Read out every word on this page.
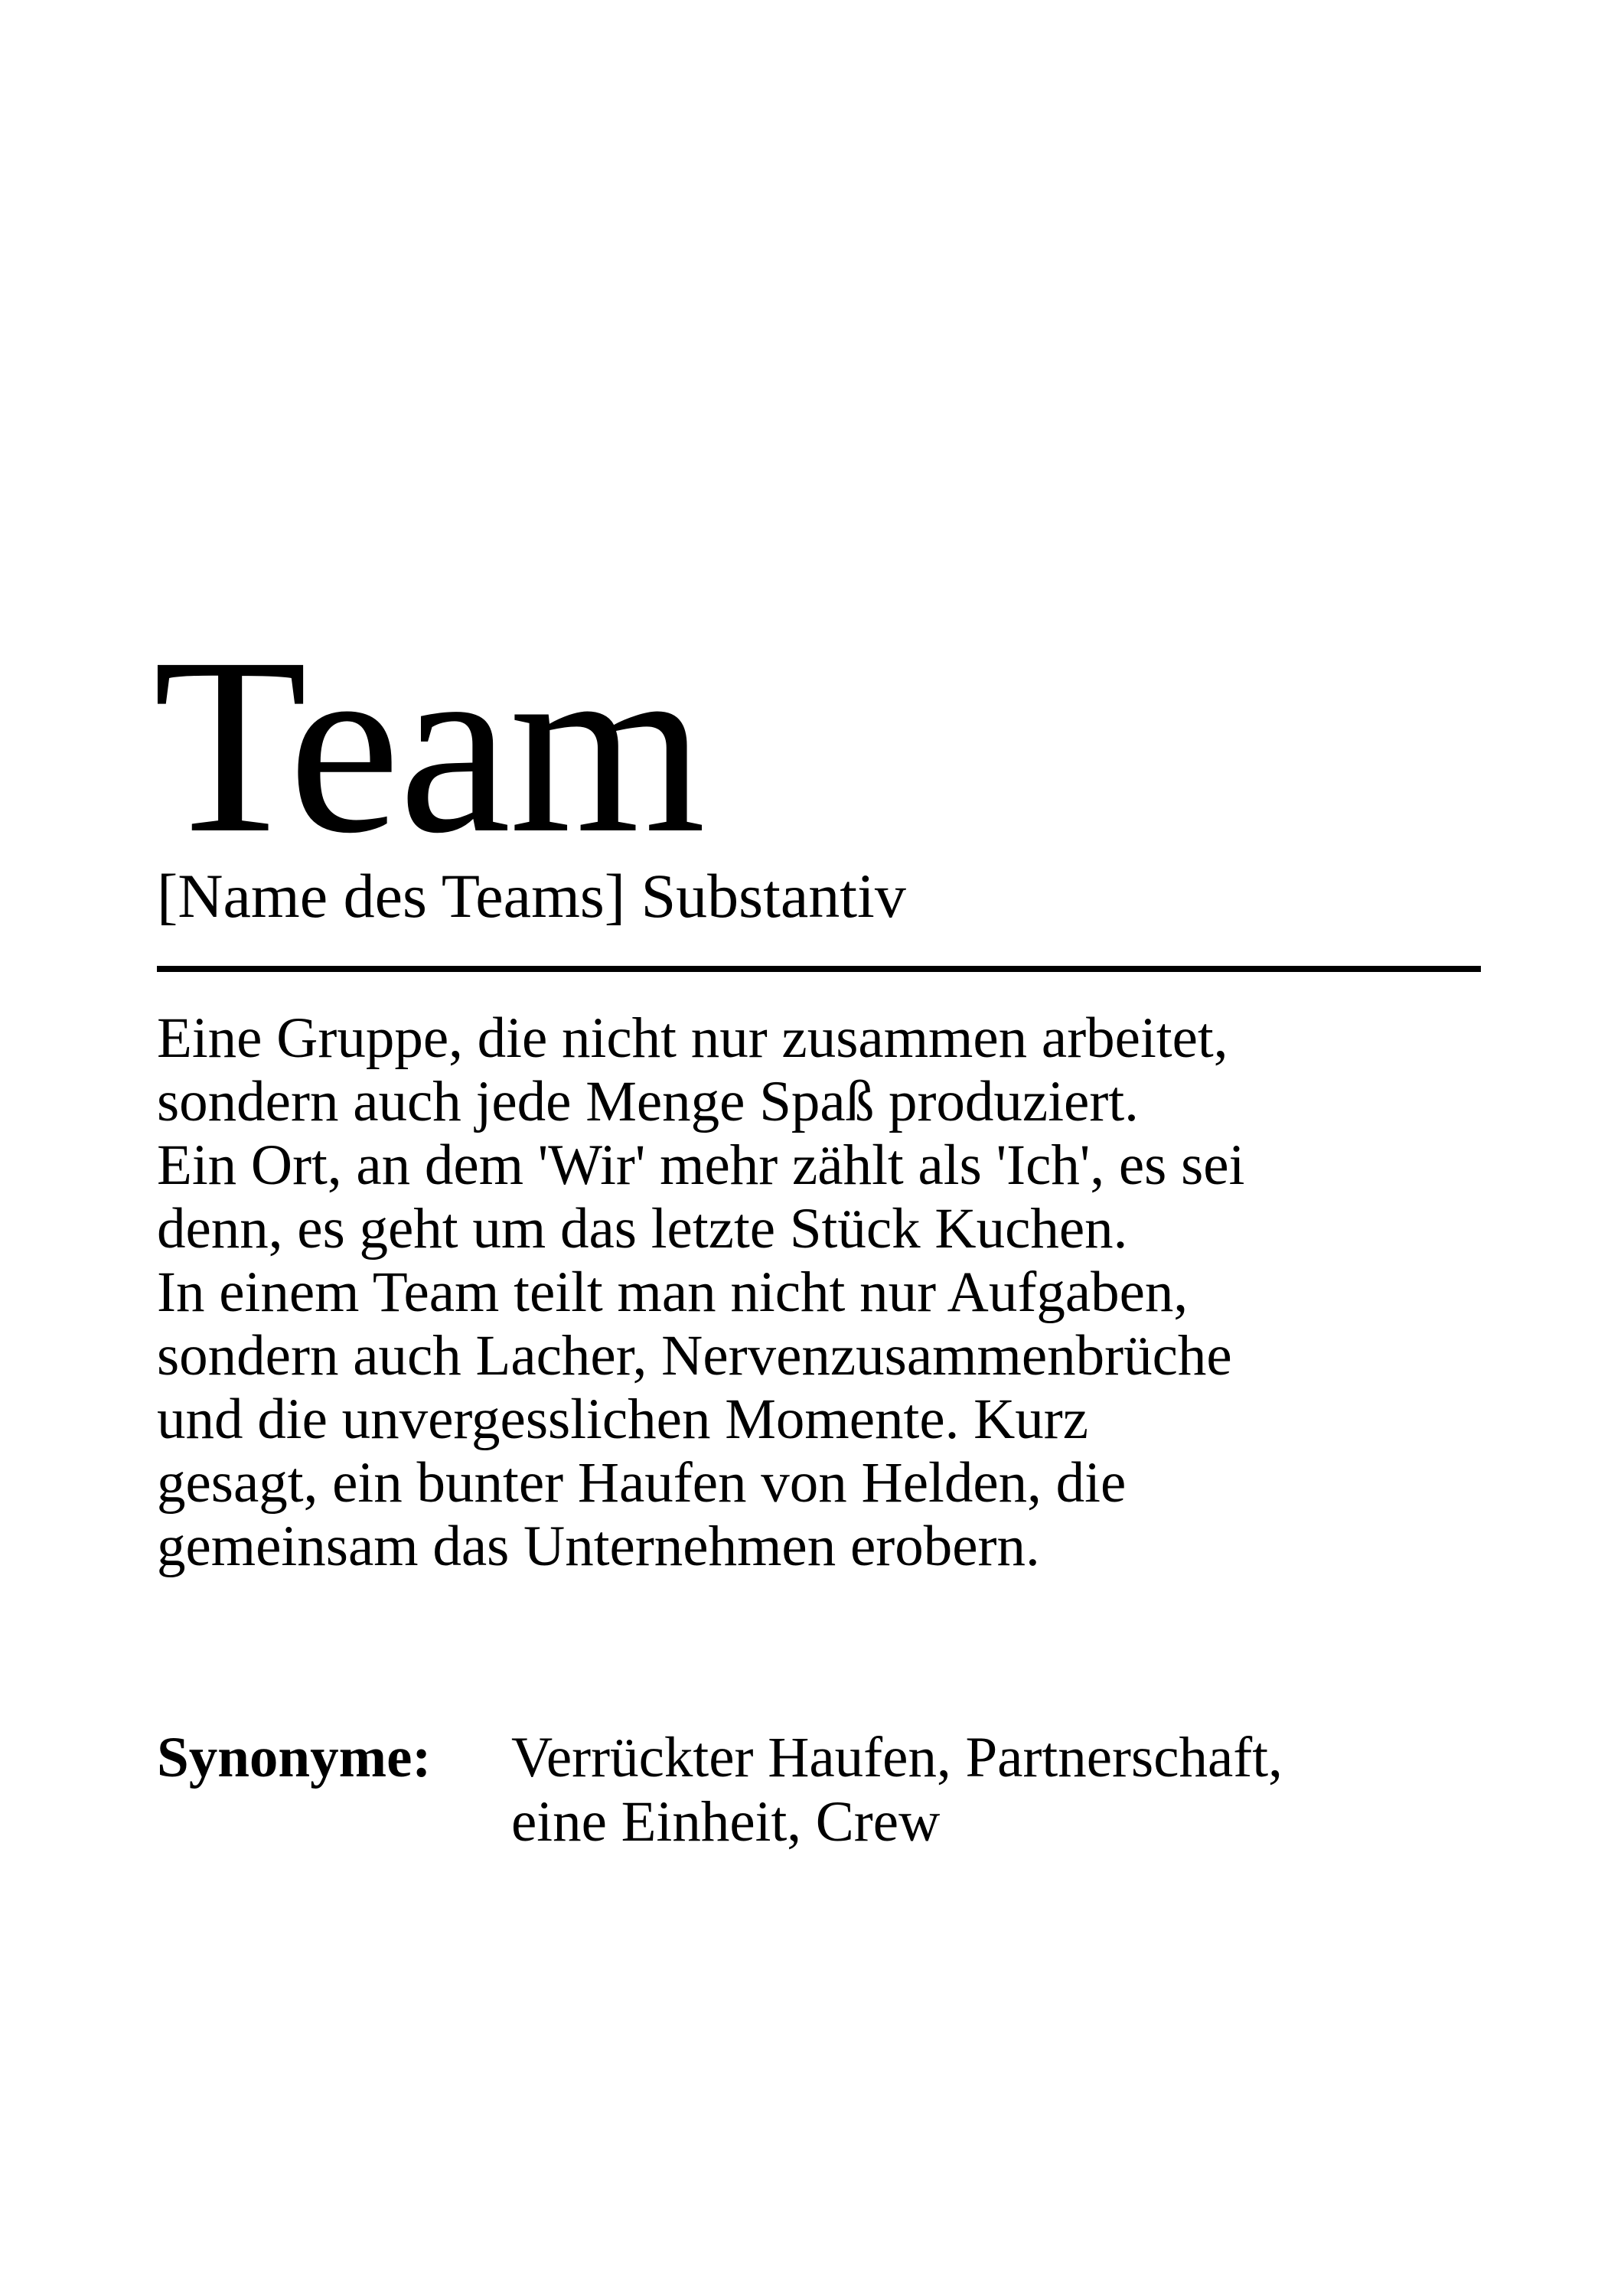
Team
[Name des Teams] Substantiv
Eine Gruppe, die nicht nur zusammen arbeitet,
sondern auch jede Menge Spaß produziert.
Ein Ort, an dem 'Wir' mehr zählt als 'Ich', es sei
denn, es geht um das letzte Stück Kuchen.
In einem Team teilt man nicht nur Aufgaben,
sondern auch Lacher, Nervenzusammenbrüche
und die unvergesslichen Momente. Kurz
gesagt, ein bunter Haufen von Helden, die
gemeinsam das Unternehmen erobern.
Synonyme: Verrückter Haufen, Partnerschaft,
eine Einheit, Crew
